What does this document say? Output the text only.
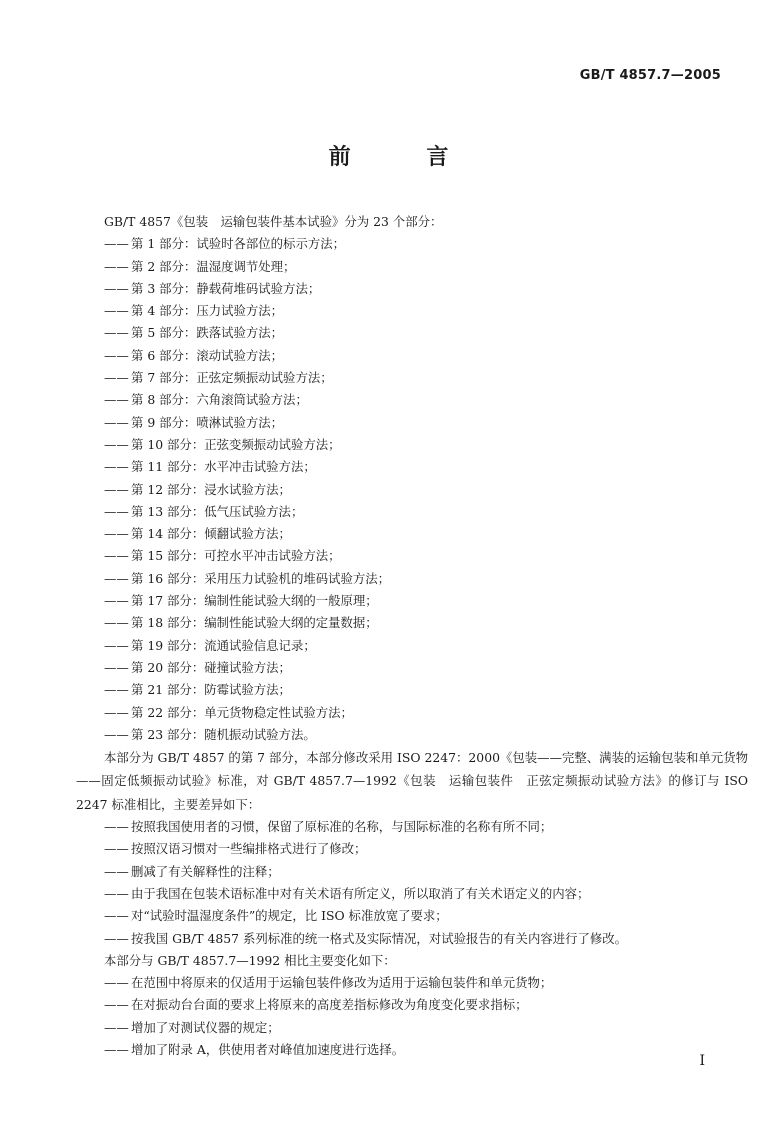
GB/T 4857.7—2005
前 言
GB/T 4857《包装　运输包装件基本试验》分为 23 个部分：
—— 第 1 部分：试验时各部位的标示方法；
—— 第 2 部分：温湿度调节处理；
—— 第 3 部分：静载荷堆码试验方法；
—— 第 4 部分：压力试验方法；
—— 第 5 部分：跌落试验方法；
—— 第 6 部分：滚动试验方法；
—— 第 7 部分：正弦定频振动试验方法；
—— 第 8 部分：六角滚筒试验方法；
—— 第 9 部分：喷淋试验方法；
—— 第 10 部分：正弦变频振动试验方法；
—— 第 11 部分：水平冲击试验方法；
—— 第 12 部分：浸水试验方法；
—— 第 13 部分：低气压试验方法；
—— 第 14 部分：倾翻试验方法；
—— 第 15 部分：可控水平冲击试验方法；
—— 第 16 部分：采用压力试验机的堆码试验方法；
—— 第 17 部分：编制性能试验大纲的一般原理；
—— 第 18 部分：编制性能试验大纲的定量数据；
—— 第 19 部分：流通试验信息记录；
—— 第 20 部分：碰撞试验方法；
—— 第 21 部分：防霉试验方法；
—— 第 22 部分：单元货物稳定性试验方法；
—— 第 23 部分：随机振动试验方法。
本部分为 GB/T 4857 的第 7 部分，本部分修改采用 ISO 2247：2000《包装——完整、满装的运输包装和单元货物——固定低频振动试验》标准，对 GB/T 4857.7—1992《包装　运输包装件　正弦定频振动试验方法》的修订与 ISO 2247 标准相比，主要差异如下：
—— 按照我国使用者的习惯，保留了原标准的名称，与国际标准的名称有所不同；
—— 按照汉语习惯对一些编排格式进行了修改；
—— 删减了有关解释性的注释；
—— 由于我国在包装术语标准中对有关术语有所定义，所以取消了有关术语定义的内容；
—— 对“试验时温湿度条件”的规定，比 ISO 标准放宽了要求；
—— 按我国 GB/T 4857 系列标准的统一格式及实际情况，对试验报告的有关内容进行了修改。
本部分与 GB/T 4857.7—1992 相比主要变化如下：
—— 在范围中将原来的仅适用于运输包装件修改为适用于运输包装件和单元货物；
—— 在对振动台台面的要求上将原来的高度差指标修改为角度变化要求指标；
—— 增加了对测试仪器的规定；
—— 增加了附录 A，供使用者对峰值加速度进行选择。
I
